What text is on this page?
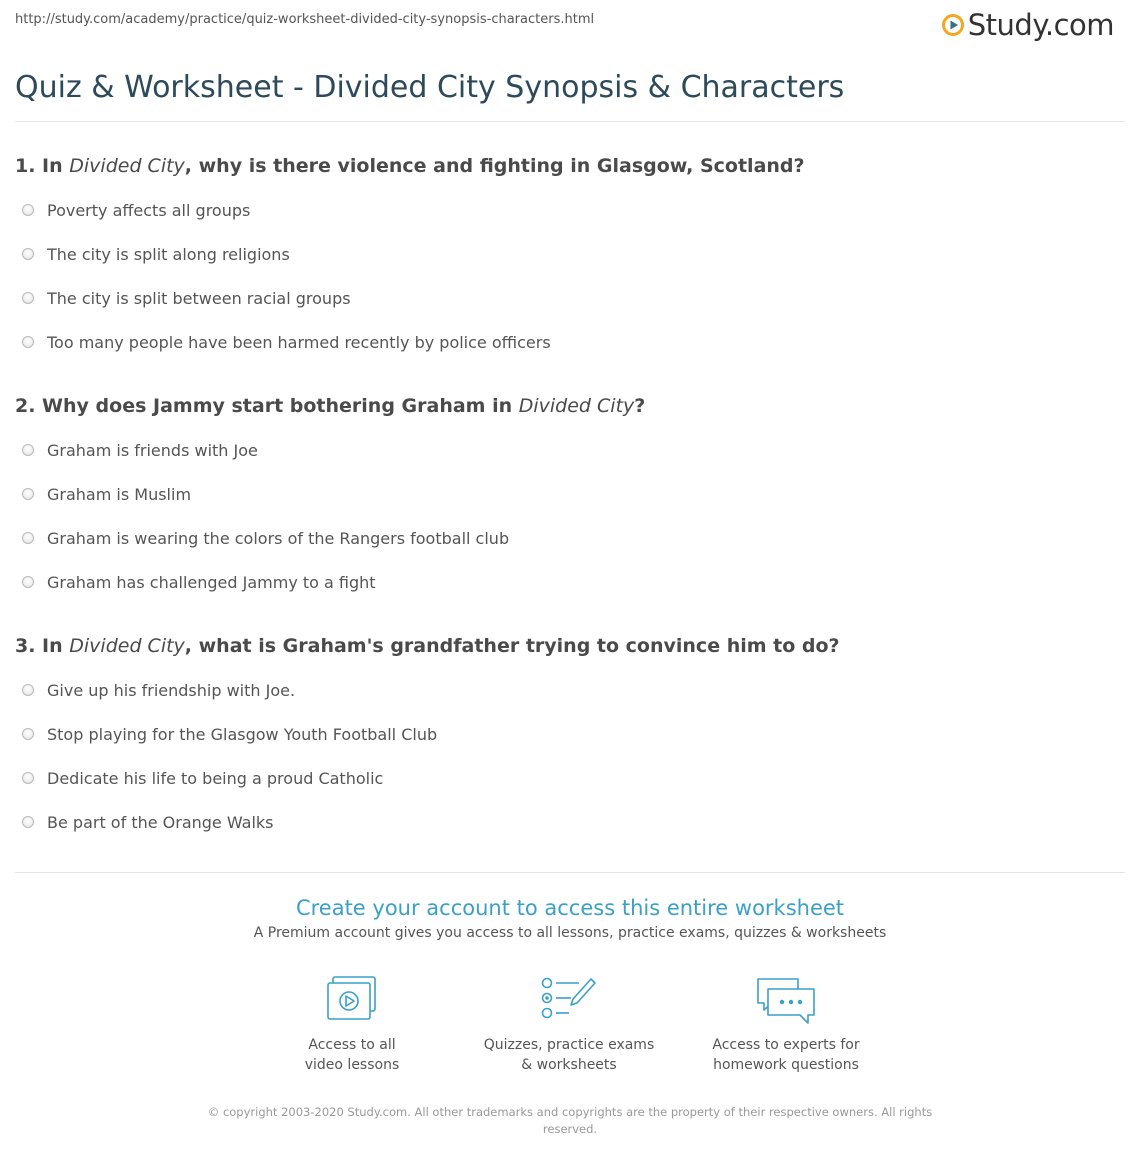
http://study.com/academy/practice/quiz-worksheet-divided-city-synopsis-characters.html	Study.com
Quiz & Worksheet - Divided City Synopsis & Characters
1. In Divided City, why is there violence and fighting in Glasgow, Scotland?
Poverty affects all groups
The city is split along religions
The city is split between racial groups
Too many people have been harmed recently by police officers
2. Why does Jammy start bothering Graham in Divided City?
Graham is friends with Joe
Graham is Muslim
Graham is wearing the colors of the Rangers football club
Graham has challenged Jammy to a fight
3. In Divided City, what is Graham's grandfather trying to convince him to do?
Give up his friendship with Joe.
Stop playing for the Glasgow Youth Football Club
Dedicate his life to being a proud Catholic
Be part of the Orange Walks
Create your account to access this entire worksheet
A Premium account gives you access to all lessons, practice exams, quizzes & worksheets
Access to all
video lessons
Quizzes, practice exams
& worksheets
Access to experts for
homework questions
© copyright 2003-2020 Study.com. All other trademarks and copyrights are the property of their respective owners. All rights reserved.
